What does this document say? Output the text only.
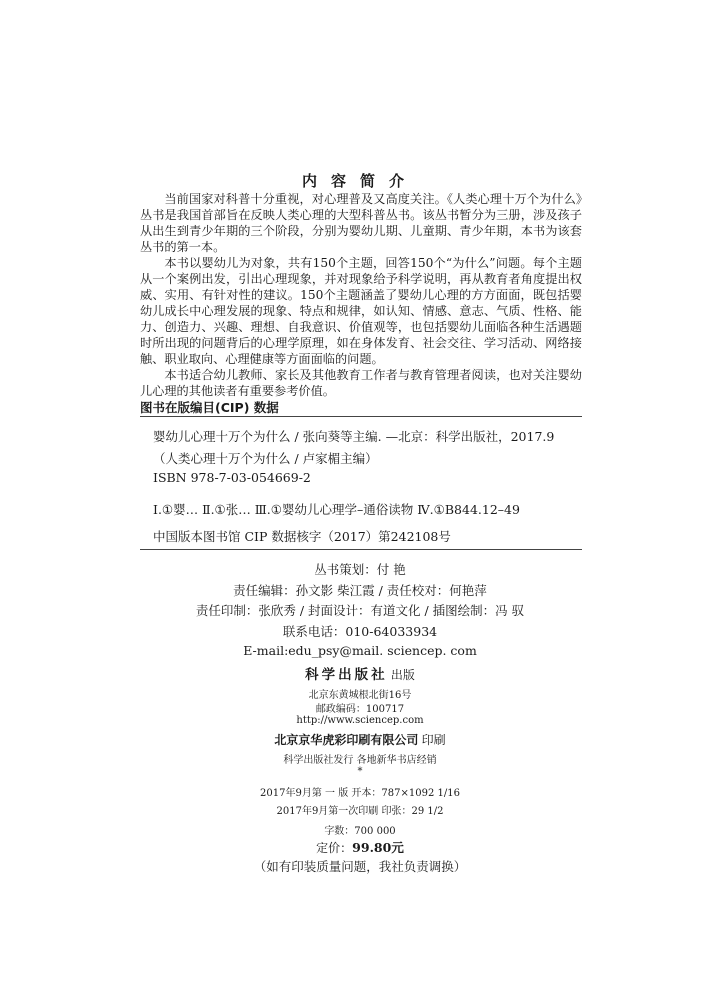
内容简介

当前国家对科普十分重视，对心理普及又高度关注。《人类心理十万个为什么》丛书是我国首部旨在反映人类心理的大型科普丛书。该丛书暂分为三册，涉及孩子从出生到青少年期的三个阶段，分别为婴幼儿期、儿童期、青少年期，本书为该套丛书的第一本。

本书以婴幼儿为对象，共有150个主题，回答150个“为什么”问题。每个主题从一个案例出发，引出心理现象，并对现象给予科学说明，再从教育者角度提出权威、实用、有针对性的建议。150个主题涵盖了婴幼儿心理的方方面面，既包括婴幼儿成长中心理发展的现象、特点和规律，如认知、情感、意志、气质、性格、能力、创造力、兴趣、理想、自我意识、价值观等，也包括婴幼儿面临各种生活遇题时所出现的问题背后的心理学原理，如在身体发育、社会交往、学习活动、网络接触、职业取向、心理健康等方面面临的问题。

本书适合幼儿教师、家长及其他教育工作者与教育管理者阅读，也对关注婴幼儿心理的其他读者有重要参考价值。

图书在版编目(CIP) 数据
婴幼儿心理十万个为什么 / 张向葵等主编. —北京：科学出版社，2017.9
（人类心理十万个为什么 / 卢家楣主编）
ISBN 978-7-03-054669-2
Ⅰ.①婴… Ⅱ.①张… Ⅲ.①婴幼儿心理学–通俗读物 Ⅳ.①B844.12–49
中国版本图书馆 CIP 数据核字（2017）第242108号
丛书策划：付 艳
责任编辑：孙文影 柴江霞 / 责任校对：何艳萍
责任印制：张欣秀 / 封面设计：有道文化 / 插图绘制：冯 驭
联系电话：010-64033934
E-mail:edu_psy@mail. sciencep. com
科学出版社 出版
北京东黄城根北街16号
邮政编码：100717
http://www.sciencep.com
北京京华虎彩印刷有限公司 印刷
科学出版社发行 各地新华书店经销
*
2017年9月第 一 版 开本：787×1092 1/16
2017年9月第一次印刷 印张：29 1/2
字数：700 000
定价：99.80元
（如有印装质量问题，我社负责调换）
